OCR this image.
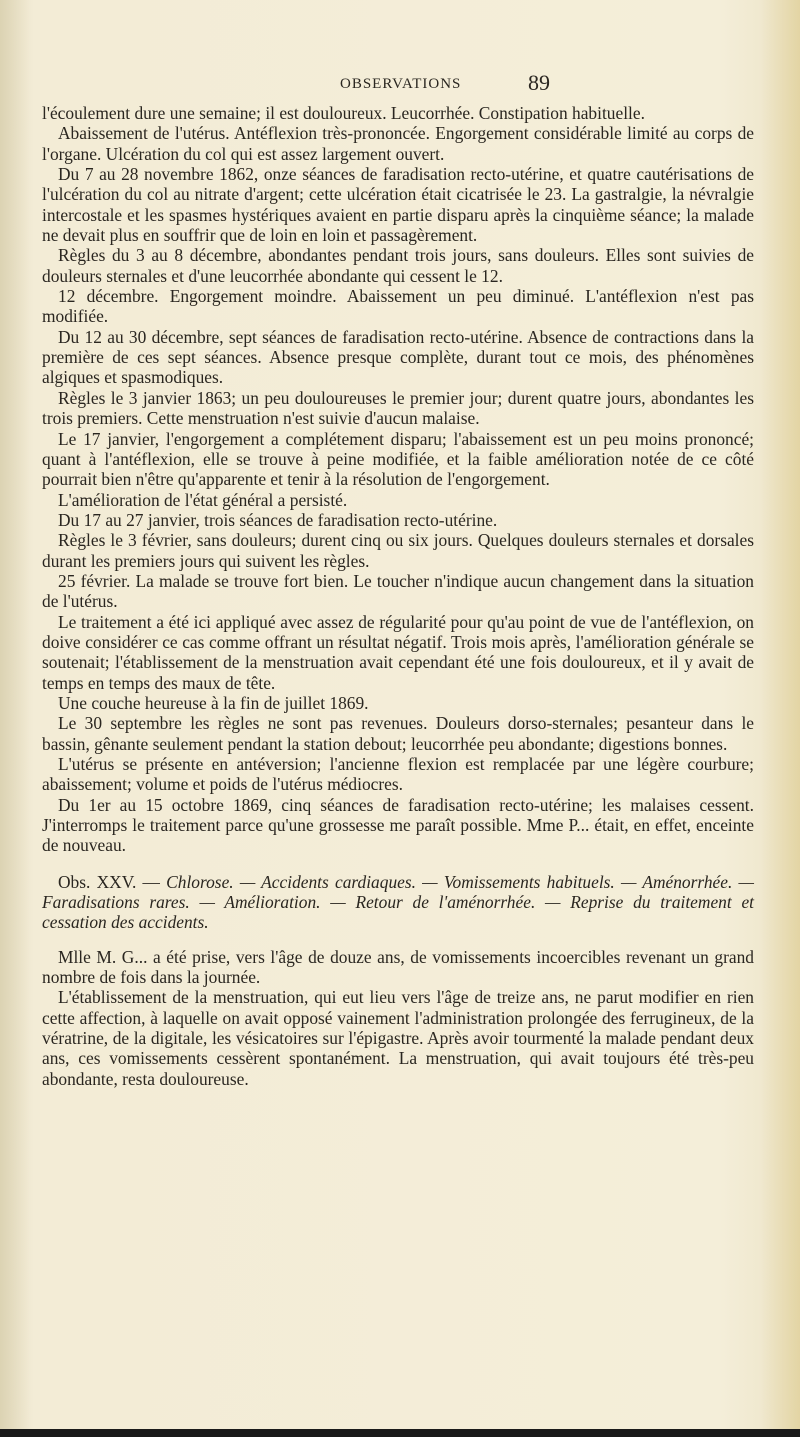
OBSERVATIONS	89

l'écoulement dure une semaine; il est douloureux. Leucorrhée. Constipation habituelle.

Abaissement de l'utérus. Antéflexion très-prononcée. Engorgement considérable limité au corps de l'organe. Ulcération du col qui est assez largement ouvert.

Du 7 au 28 novembre 1862, onze séances de faradisation recto-utérine, et quatre cautérisations de l'ulcération du col au nitrate d'argent; cette ulcération était cicatrisée le 23. La gastralgie, la névralgie intercostale et les spasmes hystériques avaient en partie disparu après la cinquième séance; la malade ne devait plus en souffrir que de loin en loin et passagèrement.

Règles du 3 au 8 décembre, abondantes pendant trois jours, sans douleurs. Elles sont suivies de douleurs sternales et d'une leucorrhée abondante qui cessent le 12.

12 décembre. Engorgement moindre. Abaissement un peu diminué. L'antéflexion n'est pas modifiée.

Du 12 au 30 décembre, sept séances de faradisation recto-utérine. Absence de contractions dans la première de ces sept séances. Absence presque complète, durant tout ce mois, des phénomènes algiques et spasmodiques.

Règles le 3 janvier 1863; un peu douloureuses le premier jour; durent quatre jours, abondantes les trois premiers. Cette menstruation n'est suivie d'aucun malaise.

Le 17 janvier, l'engorgement a complétement disparu; l'abaissement est un peu moins prononcé; quant à l'antéflexion, elle se trouve à peine modifiée, et la faible amélioration notée de ce côté pourrait bien n'être qu'apparente et tenir à la résolution de l'engorgement.

L'amélioration de l'état général a persisté.

Du 17 au 27 janvier, trois séances de faradisation recto-utérine.

Règles le 3 février, sans douleurs; durent cinq ou six jours. Quelques douleurs sternales et dorsales durant les premiers jours qui suivent les règles.

25 février. La malade se trouve fort bien. Le toucher n'indique aucun changement dans la situation de l'utérus.

Le traitement a été ici appliqué avec assez de régularité pour qu'au point de vue de l'antéflexion, on doive considérer ce cas comme offrant un résultat négatif. Trois mois après, l'amélioration générale se soutenait; l'établissement de la menstruation avait cependant été une fois douloureux, et il y avait de temps en temps des maux de tête.

Une couche heureuse à la fin de juillet 1869.

Le 30 septembre les règles ne sont pas revenues. Douleurs dorso-sternales; pesanteur dans le bassin, gênante seulement pendant la station debout; leucorrhée peu abondante; digestions bonnes.

L'utérus se présente en antéversion; l'ancienne flexion est remplacée par une légère courbure; abaissement; volume et poids de l'utérus médiocres.

Du 1er au 15 octobre 1869, cinq séances de faradisation recto-utérine; les malaises cessent. J'interromps le traitement parce qu'une grossesse me paraît possible. Mme P... était, en effet, enceinte de nouveau.

Obs. XXV. — Chlorose. — Accidents cardiaques. — Vomissements habituels. — Aménorrhée. — Faradisations rares. — Amélioration. — Retour de l'aménorrhée. — Reprise du traitement et cessation des accidents.

Mlle M. G... a été prise, vers l'âge de douze ans, de vomissements incoercibles revenant un grand nombre de fois dans la journée.

L'établissement de la menstruation, qui eut lieu vers l'âge de treize ans, ne parut modifier en rien cette affection, à laquelle on avait opposé vainement l'administration prolongée des ferrugineux, de la vératrine, de la digitale, les vésicatoires sur l'épigastre. Après avoir tourmenté la malade pendant deux ans, ces vomissements cessèrent spontanément. La menstruation, qui avait toujours été très-peu abondante, resta douloureuse.
